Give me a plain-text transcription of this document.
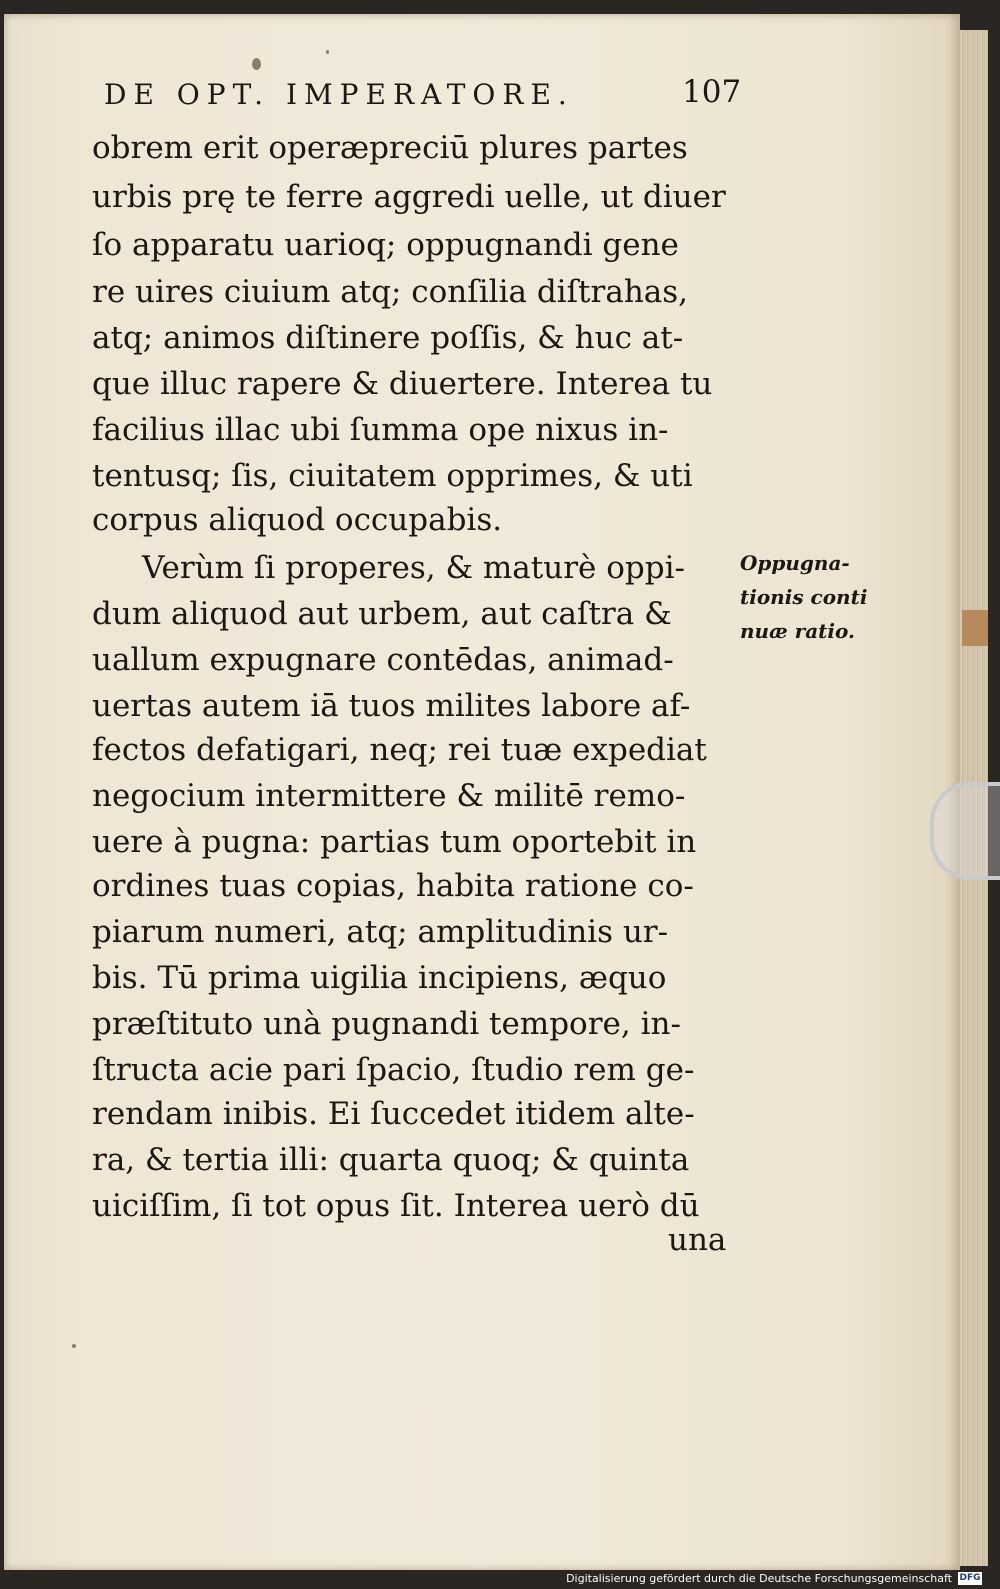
DE OPT. IMPERATORE.	107
obrem erit operæpreciū plures partes
urbis prę te ferre aggredi uelle, ut diuer
ſo apparatu uarioq; oppugnandi gene
re uires ciuium atq; conſilia diſtrahas,
atq; animos diſtinere poſſis, & huc at-
que illuc rapere & diuertere. Interea tu
facilius illac ubi ſumma ope nixus in-
tentusq; ſis, ciuitatem opprimes, & uti
corpus aliquod occupabis.
Verùm ſi properes, & maturè oppi-
dum aliquod aut urbem, aut caſtra &
uallum expugnare contēdas, animad-
uertas autem iā tuos milites labore af-
fectos defatigari, neq; rei tuæ expediat
negocium intermittere & militē remo-
uere à pugna: partias tum oportebit in
ordines tuas copias, habita ratione co-
piarum numeri, atq; amplitudinis ur-
bis. Tū prima uigilia incipiens, æquo
præſtituto unà pugnandi tempore, in-
ſtructa acie pari ſpacio, ſtudio rem ge-
rendam inibis. Ei ſuccedet itidem alte-
ra, & tertia illi: quarta quoq; & quinta
uiciſſim, ſi tot opus ſit. Interea uerò dū
una
Oppugna-
tionis conti
nuæ ratio.
Digitalisierung gefördert durch die Deutsche Forschungsgemeinschaft DFG
